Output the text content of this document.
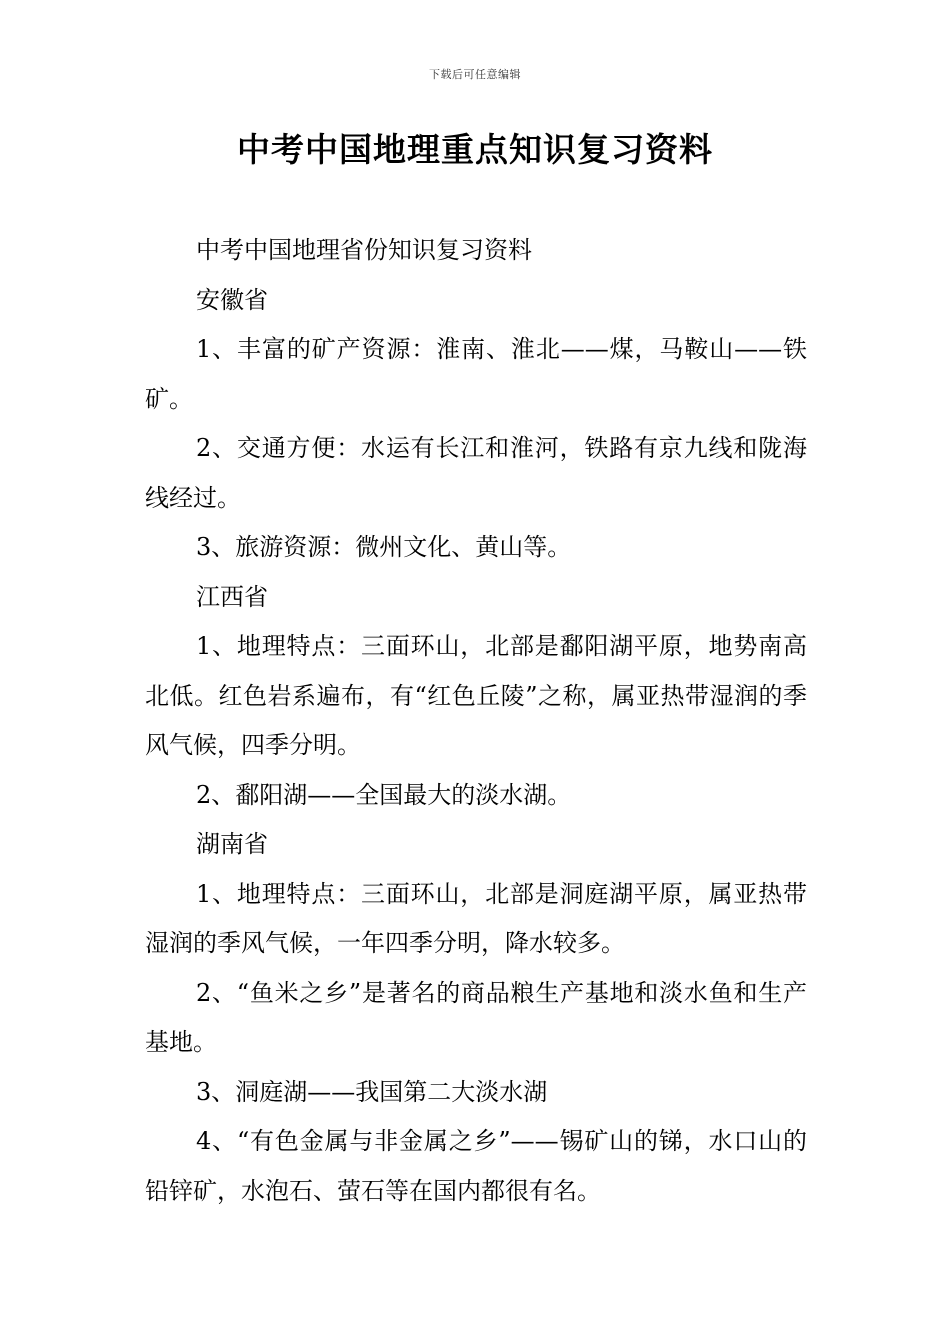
下载后可任意编辑
中考中国地理重点知识复习资料

中考中国地理省份知识复习资料

安徽省

1、丰富的矿产资源：淮南、淮北——煤，马鞍山——铁矿。

2、交通方便：水运有长江和淮河，铁路有京九线和陇海线经过。

3、旅游资源：微州文化、黄山等。

江西省

1、地理特点：三面环山，北部是鄱阳湖平原，地势南高北低。红色岩系遍布，有“红色丘陵”之称，属亚热带湿润的季风气候，四季分明。

2、鄱阳湖——全国最大的淡水湖。

湖南省

1、地理特点：三面环山，北部是洞庭湖平原，属亚热带湿润的季风气候，一年四季分明，降水较多。

2、“鱼米之乡”是著名的商品粮生产基地和淡水鱼和生产基地。

3、洞庭湖——我国第二大淡水湖

4、“有色金属与非金属之乡”——锡矿山的锑，水口山的铅锌矿，水泡石、萤石等在国内都很有名。
